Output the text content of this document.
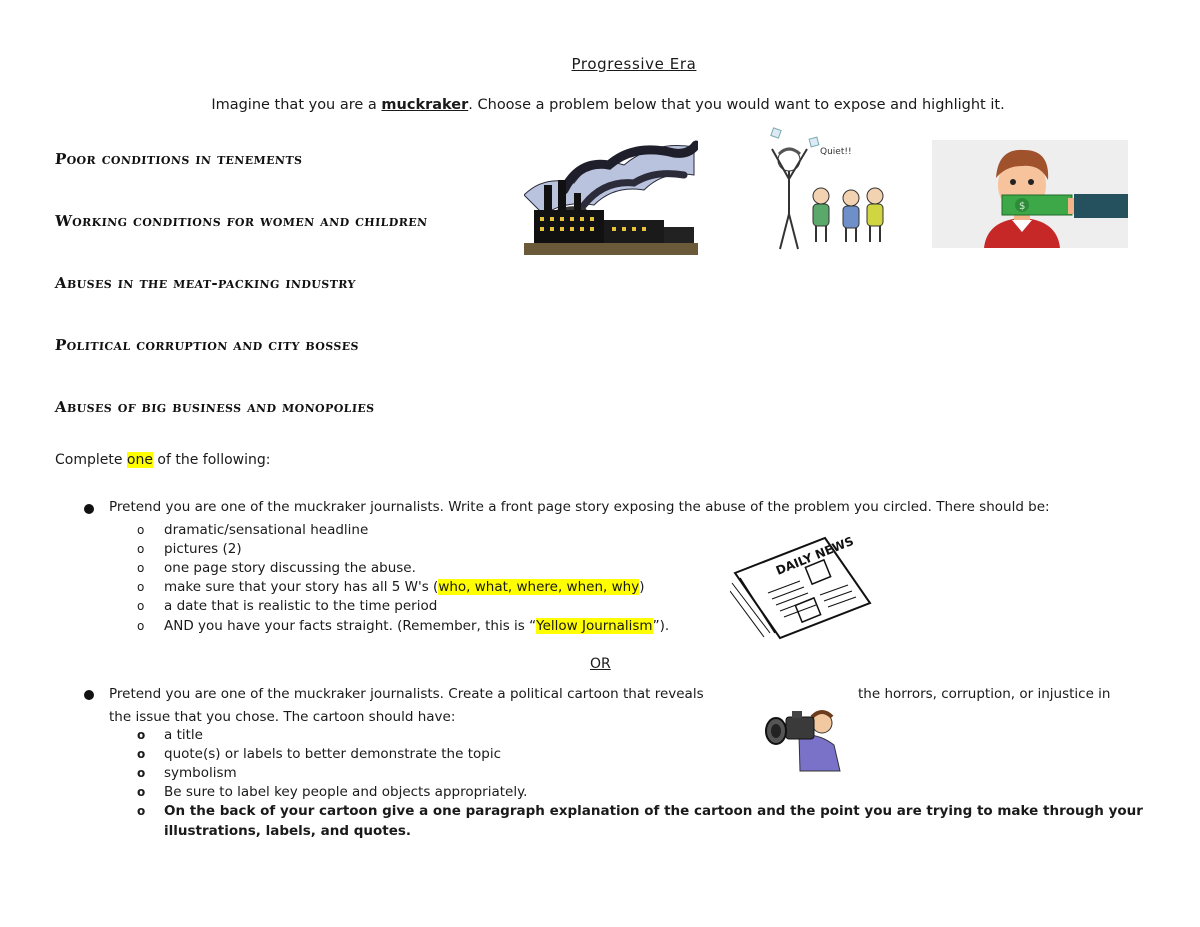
Progressive Era
Imagine that you are a muckraker. Choose a problem below that you would want to expose and highlight it.
Poor conditions in tenements
Working conditions for women and children
Abuses in the meat-packing industry
Political corruption and city bosses
Abuses of big business and monopolies
Quiet!!
$
Complete one of the following:
Pretend you are one of the muckraker journalists. Write a front page story exposing the abuse of the problem you circled. There should be:
o dramatic/sensational headline
o pictures (2)
o one page story discussing the abuse.
o make sure that your story has all 5 W's (who, what, where, when, why)
o a date that is realistic to the time period
o AND you have your facts straight. (Remember, this is “Yellow Journalism”).
DAILY NEWS
OR
Pretend you are one of the muckraker journalists. Create a political cartoon that reveals	the horrors, corruption, or injustice in
the issue that you chose. The cartoon should have:
o a title
o quote(s) or labels to better demonstrate the topic
o symbolism
o Be sure to label key people and objects appropriately.
o On the back of your cartoon give a one paragraph explanation of the cartoon and the point you are trying to make through your
illustrations, labels, and quotes.
